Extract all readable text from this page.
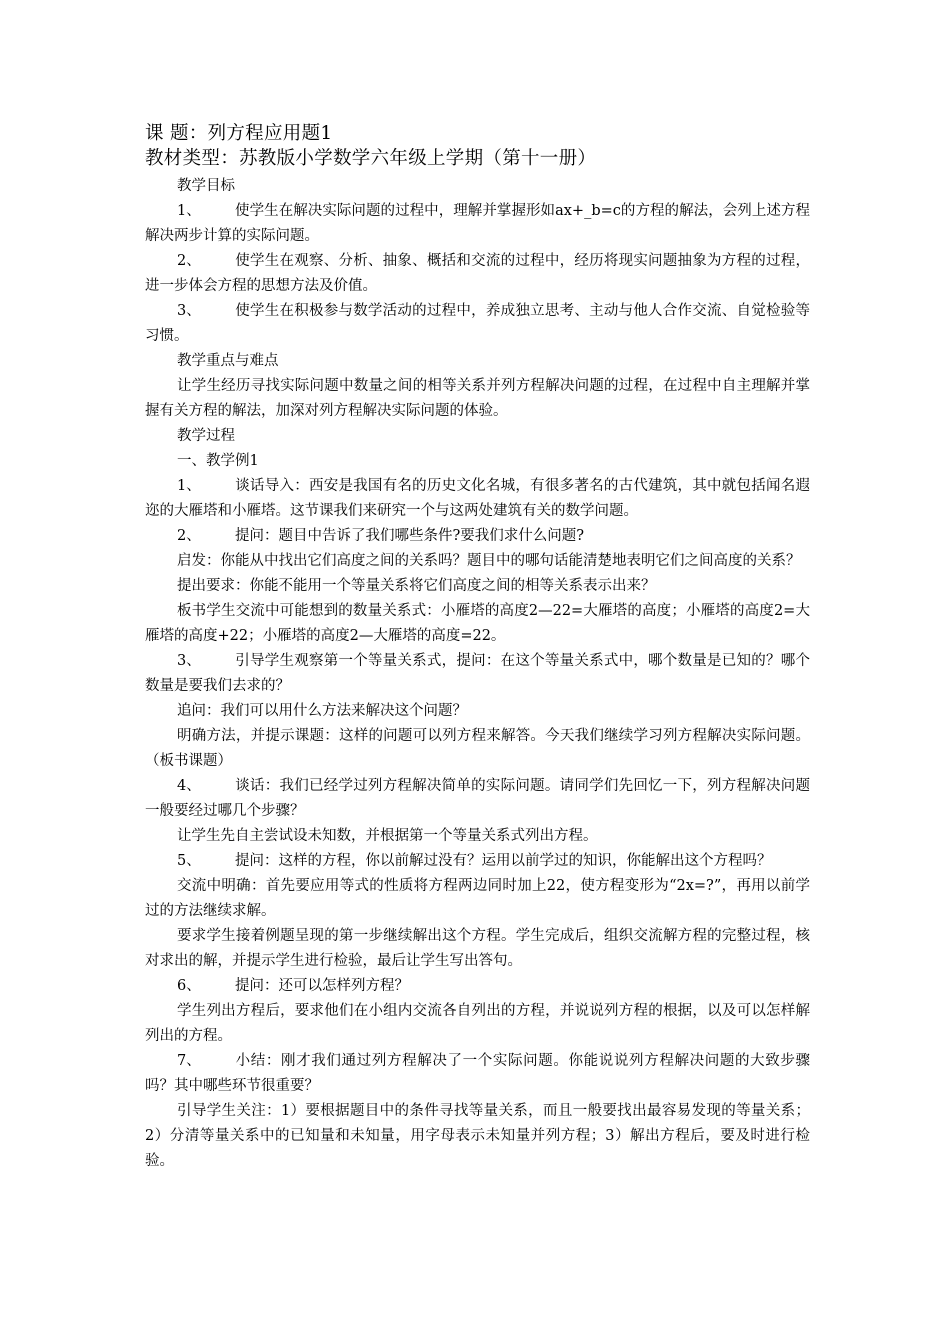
课 题：列方程应用题1
教材类型：苏教版小学数学六年级上学期（第十一册）
教学目标
1、 使学生在解决实际问题的过程中，理解并掌握形如ax+_b=c的方程的解法，会列上述方程解决两步计算的实际问题。
2、 使学生在观察、分析、抽象、概括和交流的过程中，经历将现实问题抽象为方程的过程，进一步体会方程的思想方法及价值。
3、 使学生在积极参与数学活动的过程中，养成独立思考、主动与他人合作交流、自觉检验等习惯。
教学重点与难点
让学生经历寻找实际问题中数量之间的相等关系并列方程解决问题的过程，在过程中自主理解并掌握有关方程的解法，加深对列方程解决实际问题的体验。
教学过程
一、教学例1
1、 谈话导入：西安是我国有名的历史文化名城，有很多著名的古代建筑，其中就包括闻名遐迩的大雁塔和小雁塔。这节课我们来研究一个与这两处建筑有关的数学问题。
2、 提问：题目中告诉了我们哪些条件?要我们求什么问题?
启发：你能从中找出它们高度之间的关系吗？题目中的哪句话能清楚地表明它们之间高度的关系？
提出要求：你能不能用一个等量关系将它们高度之间的相等关系表示出来？
板书学生交流中可能想到的数量关系式：小雁塔的高度2—22=大雁塔的高度；小雁塔的高度2=大雁塔的高度+22；小雁塔的高度2—大雁塔的高度=22。
3、 引导学生观察第一个等量关系式，提问：在这个等量关系式中，哪个数量是已知的？哪个数量是要我们去求的？
追问：我们可以用什么方法来解决这个问题？
明确方法，并提示课题：这样的问题可以列方程来解答。今天我们继续学习列方程解决实际问题。（板书课题）
4、 谈话：我们已经学过列方程解决简单的实际问题。请同学们先回忆一下，列方程解决问题一般要经过哪几个步骤？
让学生先自主尝试设未知数，并根据第一个等量关系式列出方程。
5、 提问：这样的方程，你以前解过没有？运用以前学过的知识，你能解出这个方程吗？
交流中明确：首先要应用等式的性质将方程两边同时加上22，使方程变形为“2x=?”，再用以前学过的方法继续求解。
要求学生接着例题呈现的第一步继续解出这个方程。学生完成后，组织交流解方程的完整过程，核对求出的解，并提示学生进行检验，最后让学生写出答句。
6、 提问：还可以怎样列方程？
学生列出方程后，要求他们在小组内交流各自列出的方程，并说说列方程的根据，以及可以怎样解列出的方程。
7、 小结：刚才我们通过列方程解决了一个实际问题。你能说说列方程解决问题的大致步骤吗？其中哪些环节很重要？
引导学生关注：1）要根据题目中的条件寻找等量关系，而且一般要找出最容易发现的等量关系；2）分清等量关系中的已知量和未知量，用字母表示未知量并列方程；3）解出方程后，要及时进行检验。
